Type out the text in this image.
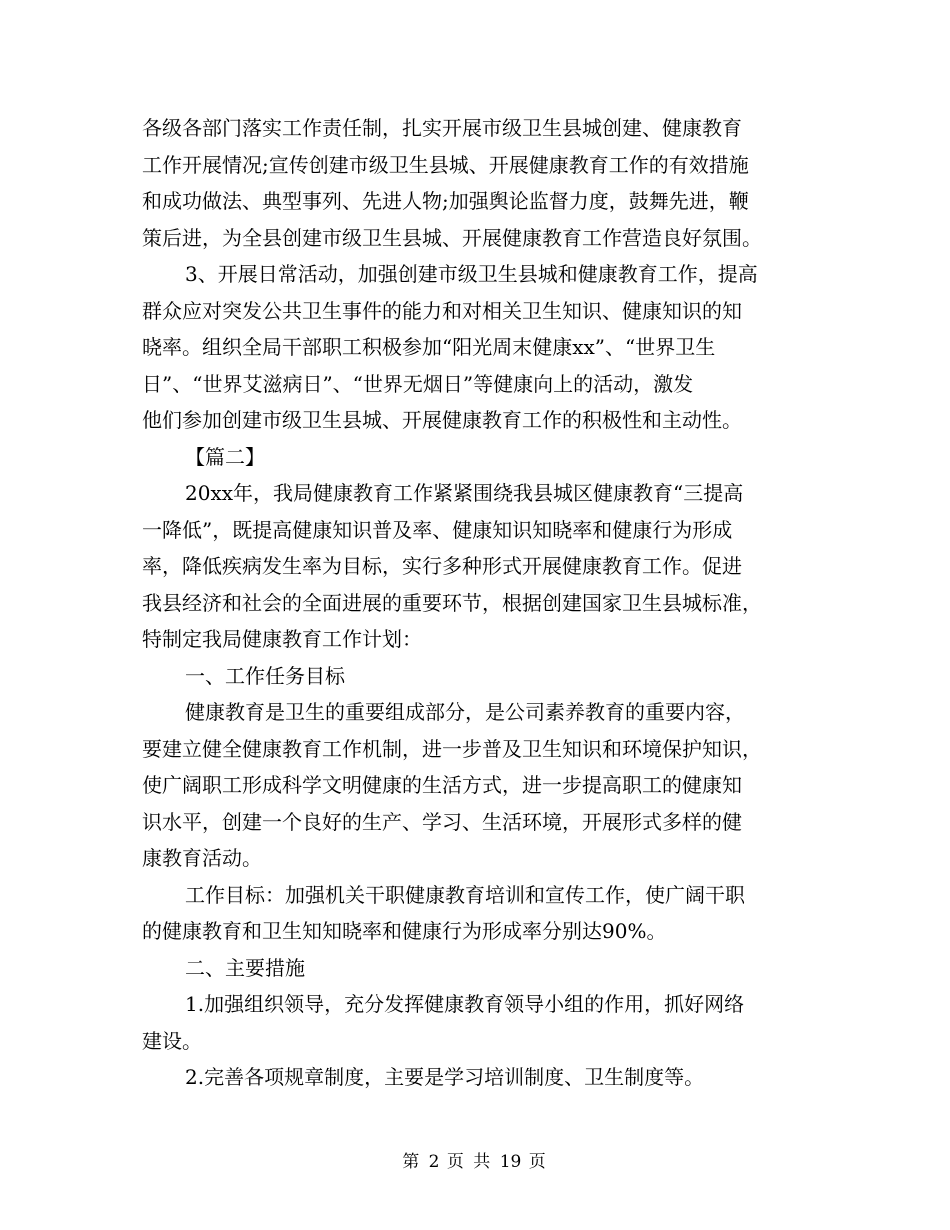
各级各部门落实工作责任制，扎实开展市级卫生县城创建、健康教育
工作开展情况;宣传创建市级卫生县城、开展健康教育工作的有效措施
和成功做法、典型事列、先进人物;加强舆论监督力度，鼓舞先进，鞭
策后进，为全县创建市级卫生县城、开展健康教育工作营造良好氛围。
3、开展日常活动，加强创建市级卫生县城和健康教育工作，提高
群众应对突发公共卫生事件的能力和对相关卫生知识、健康知识的知
晓率。组织全局干部职工积极参加“阳光周末健康xx”、“世界卫生
日”、“世界艾滋病日”、“世界无烟日”等健康向上的活动，激发
他们参加创建市级卫生县城、开展健康教育工作的积极性和主动性。
【篇二】
20xx年，我局健康教育工作紧紧围绕我县城区健康教育“三提高
一降低”，既提高健康知识普及率、健康知识知晓率和健康行为形成
率，降低疾病发生率为目标，实行多种形式开展健康教育工作。促进
我县经济和社会的全面进展的重要环节，根据创建国家卫生县城标准，
特制定我局健康教育工作计划：
一、工作任务目标
健康教育是卫生的重要组成部分，是公司素养教育的重要内容，
要建立健全健康教育工作机制，进一步普及卫生知识和环境保护知识，
使广阔职工形成科学文明健康的生活方式，进一步提高职工的健康知
识水平，创建一个良好的生产、学习、生活环境，开展形式多样的健
康教育活动。
工作目标：加强机关干职健康教育培训和宣传工作，使广阔干职
的健康教育和卫生知知晓率和健康行为形成率分别达90%。
二、主要措施
1.加强组织领导，充分发挥健康教育领导小组的作用，抓好网络
建设。
2.完善各项规章制度，主要是学习培训制度、卫生制度等。
第 2 页 共 19 页
